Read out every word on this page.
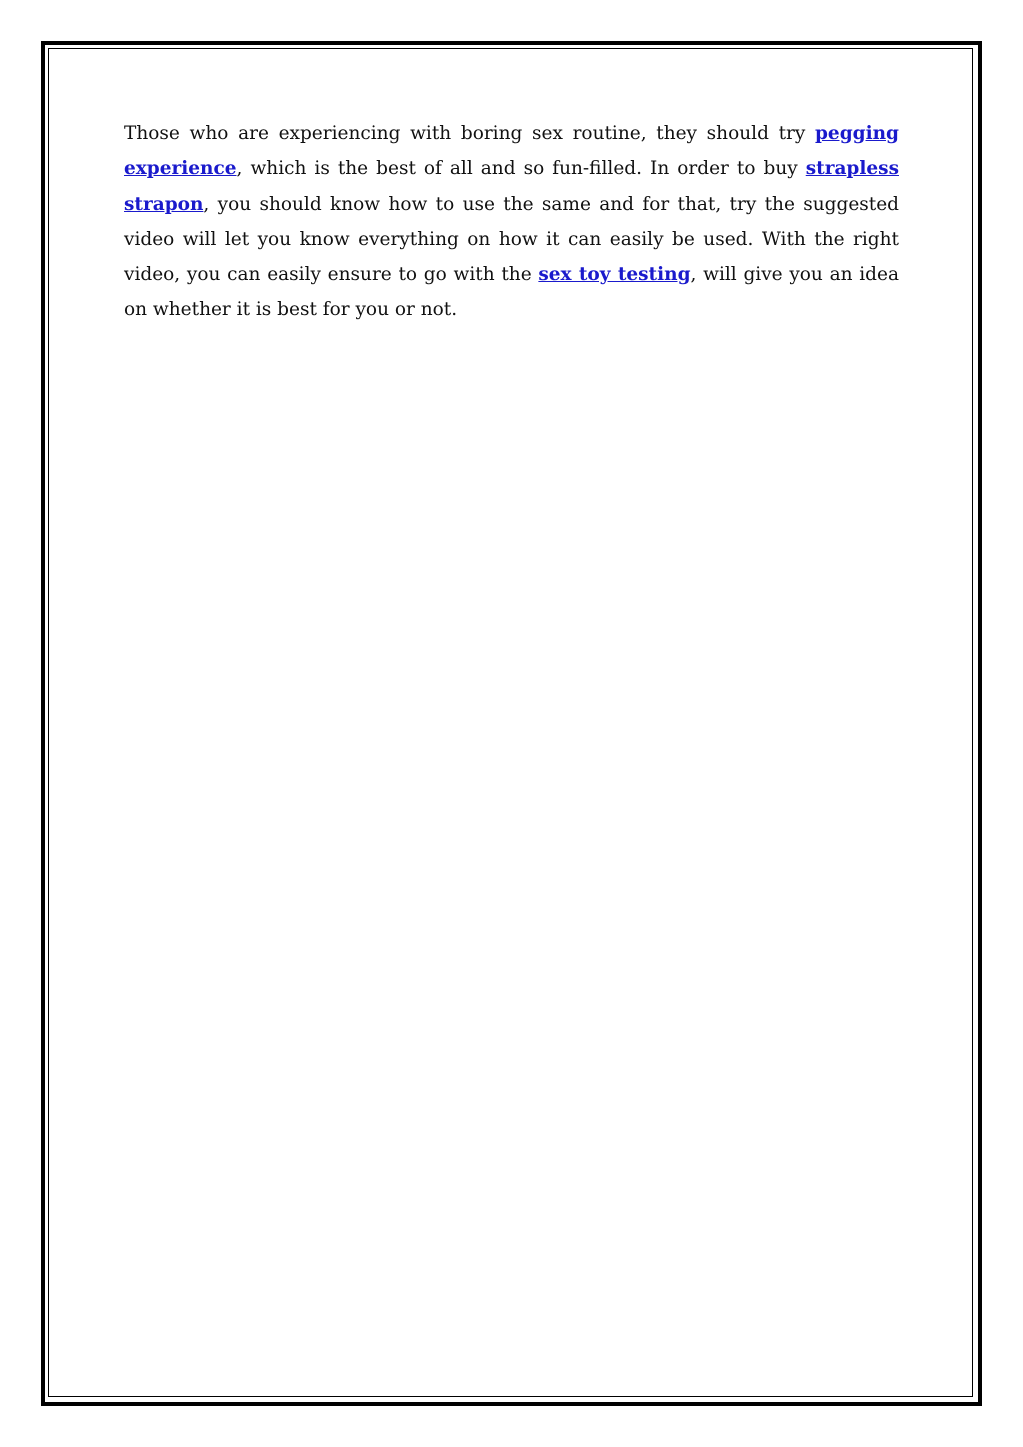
Those who are experiencing with boring sex routine, they should try pegging experience, which is the best of all and so fun-filled. In order to buy strapless strapon, you should know how to use the same and for that, try the suggested video will let you know everything on how it can easily be used. With the right video, you can easily ensure to go with the sex toy testing, will give you an idea on whether it is best for you or not.
